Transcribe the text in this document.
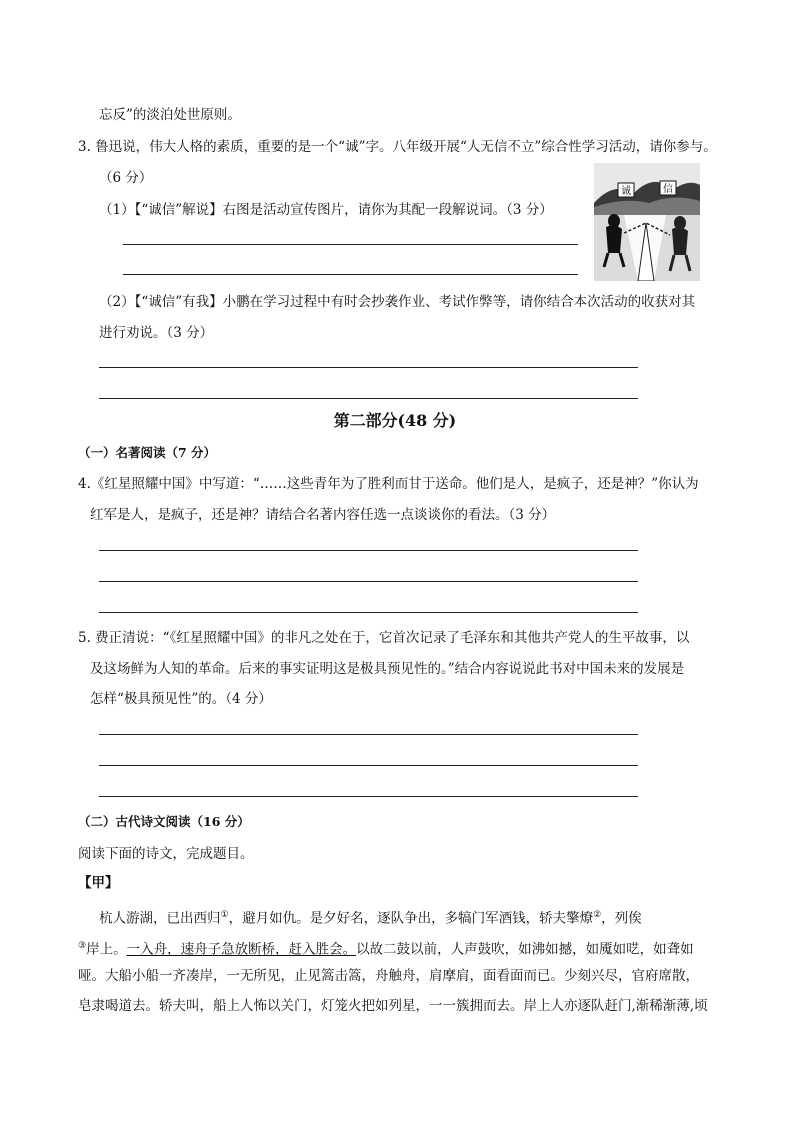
忘反”的淡泊处世原则。
3. 鲁迅说，伟大人格的素质，重要的是一个“诚”字。八年级开展“人无信不立”综合性学习活动，请你参与。
（6 分）
（1）【“诚信”解说】右图是活动宣传图片，请你为其配一段解说词。（3 分）
诚	信
（2）【“诚信”有我】小鹏在学习过程中有时会抄袭作业、考试作弊等，请你结合本次活动的收获对其
进行劝说。（3 分）
第二部分(48 分)
（一）名著阅读（7 分）
4.《红星照耀中国》中写道：“……这些青年为了胜利而甘于送命。他们是人，是疯子，还是神？”你认为
红军是人，是疯子，还是神？请结合名著内容任选一点谈谈你的看法。（3 分）
5. 费正清说：“《红星照耀中国》的非凡之处在于，它首次记录了毛泽东和其他共产党人的生平故事，以
及这场鲜为人知的革命。后来的事实证明这是极具预见性的。”结合内容说说此书对中国未来的发展是
怎样“极具预见性”的。（4 分）
（二）古代诗文阅读（16 分）
阅读下面的诗文，完成题目。
【甲】
杭人游湖，已出西归①，避月如仇。是夕好名，逐队争出，多犒门军酒钱，轿夫擎燎②，列俟
③岸上。一入舟，速舟子急放断桥，赶入胜会。以故二鼓以前，人声鼓吹，如沸如撼，如魇如呓，如聋如
哑。大船小船一齐凑岸，一无所见，止见篙击篙，舟触舟，肩摩肩，面看面而已。少刻兴尽，官府席散，
皂隶喝道去。轿夫叫，船上人怖以关门，灯笼火把如列星，一一簇拥而去。岸上人亦逐队赶门,渐稀渐薄,顷
